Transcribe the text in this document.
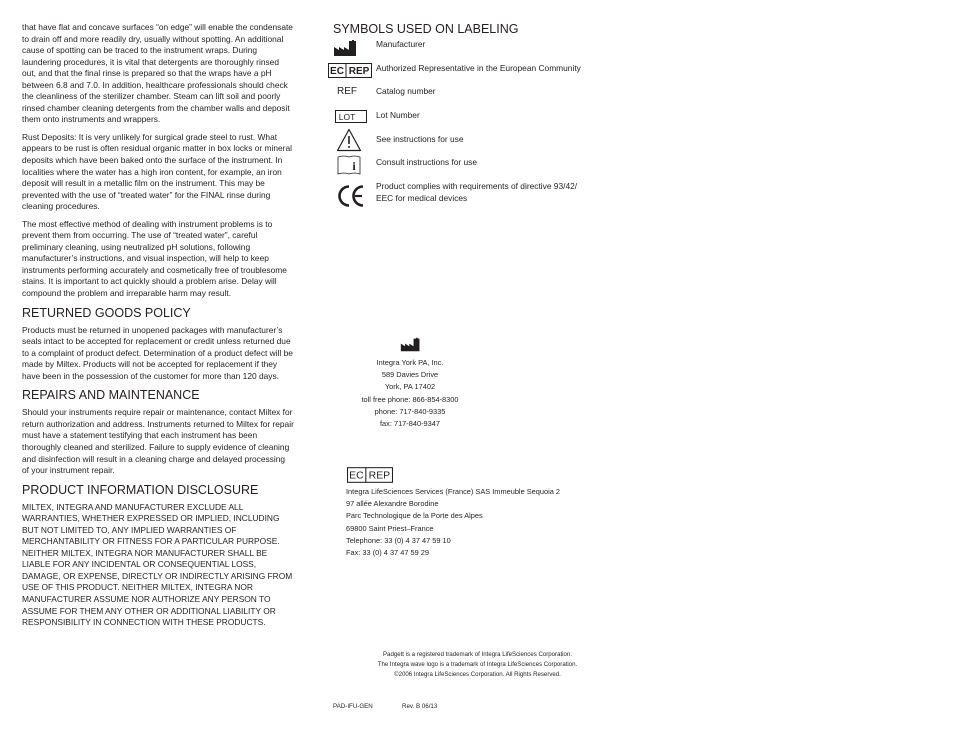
that have flat and concave surfaces “on edge” will enable the condensate to drain off and more readily dry, usually without spotting. An additional cause of spotting can be traced to the instrument wraps. During laundering procedures, it is vital that detergents are thoroughly rinsed out, and that the final rinse is prepared so that the wraps have a pH between 6.8 and 7.0. In addition, healthcare professionals should check the cleanliness of the sterilizer chamber. Steam can lift soil and poorly rinsed chamber cleaning detergents from the chamber walls and deposit them onto instruments and wrappers.

Rust Deposits: It is very unlikely for surgical grade steel to rust. What appears to be rust is often residual organic matter in box locks or mineral deposits which have been baked onto the surface of the instrument. In localities where the water has a high iron content, for example, an iron deposit will result in a metallic film on the instrument. This may be prevented with the use of “treated water” for the FINAL rinse during cleaning procedures.

The most effective method of dealing with instrument problems is to prevent them from occurring. The use of “treated water”, careful preliminary cleaning, using neutralized pH solutions, following manufacturer’s instructions, and visual inspection, will help to keep instruments performing accurately and cosmetically free of troublesome stains. It is important to act quickly should a problem arise. Delay will compound the problem and irreparable harm may result.

RETURNED GOODS POLICY

Products must be returned in unopened packages with manufacturer’s seals intact to be accepted for replacement or credit unless returned due to a complaint of product defect. Determination of a product defect will be made by Miltex. Products will not be accepted for replacement if they have been in the possession of the customer for more than 120 days.

REPAIRS AND MAINTENANCE

Should your instruments require repair or maintenance, contact Miltex for return authorization and address. Instruments returned to Miltex for repair must have a statement testifying that each instrument has been thoroughly cleaned and sterilized. Failure to supply evidence of cleaning and disinfection will result in a cleaning charge and delayed processing of your instrument repair.

PRODUCT INFORMATION DISCLOSURE

MILTEX, INTEGRA AND MANUFACTURER EXCLUDE ALL WARRANTIES, WHETHER EXPRESSED OR IMPLIED, INCLUDING BUT NOT LIMITED TO, ANY IMPLIED WARRANTIES OF MERCHANTABILITY OR FITNESS FOR A PARTICULAR PURPOSE. NEITHER MILTEX, INTEGRA NOR MANUFACTURER SHALL BE LIABLE FOR ANY INCIDENTAL OR CONSEQUENTIAL LOSS, DAMAGE, OR EXPENSE, DIRECTLY OR INDIRECTLY ARISING FROM USE OF THIS PRODUCT. NEITHER MILTEX, INTEGRA NOR MANUFACTURER ASSUME NOR AUTHORIZE ANY PERSON TO ASSUME FOR THEM ANY OTHER OR ADDITIONAL LIABILITY OR RESPONSIBILITY IN CONNECTION WITH THESE PRODUCTS.

SYMBOLS USED ON LABELING
Manufacturer
EC REP Authorized Representative in the European Community
REF	Catalog number
LOT Lot Number
See instructions for use
i Consult instructions for use
Product complies with requirements of directive 93/42/
EEC for medical devices
Integra York PA, Inc.
589 Davies Drive
York, PA 17402
toll free phone: 866-854-8300
phone: 717-840-9335
fax: 717-840-9347
EC REP
Integra LifeSciences Services (France) SAS Immeuble Sequoia 2
97 allée Alexandre Borodine
Parc Technologique de la Porte des Alpes
69800 Saint Priest–France
Telephone: 33 (0) 4 37 47 59 10
Fax: 33 (0) 4 37 47 59 29
Padgett is a registered trademark of Integra LifeSciences Corporation.
The Integra wave logo is a trademark of Integra LifeSciences Corporation.
©2006 Integra LifeSciences Corporation. All Rights Reserved.
PAD-IFU-GEN	Rev. B 06/13
